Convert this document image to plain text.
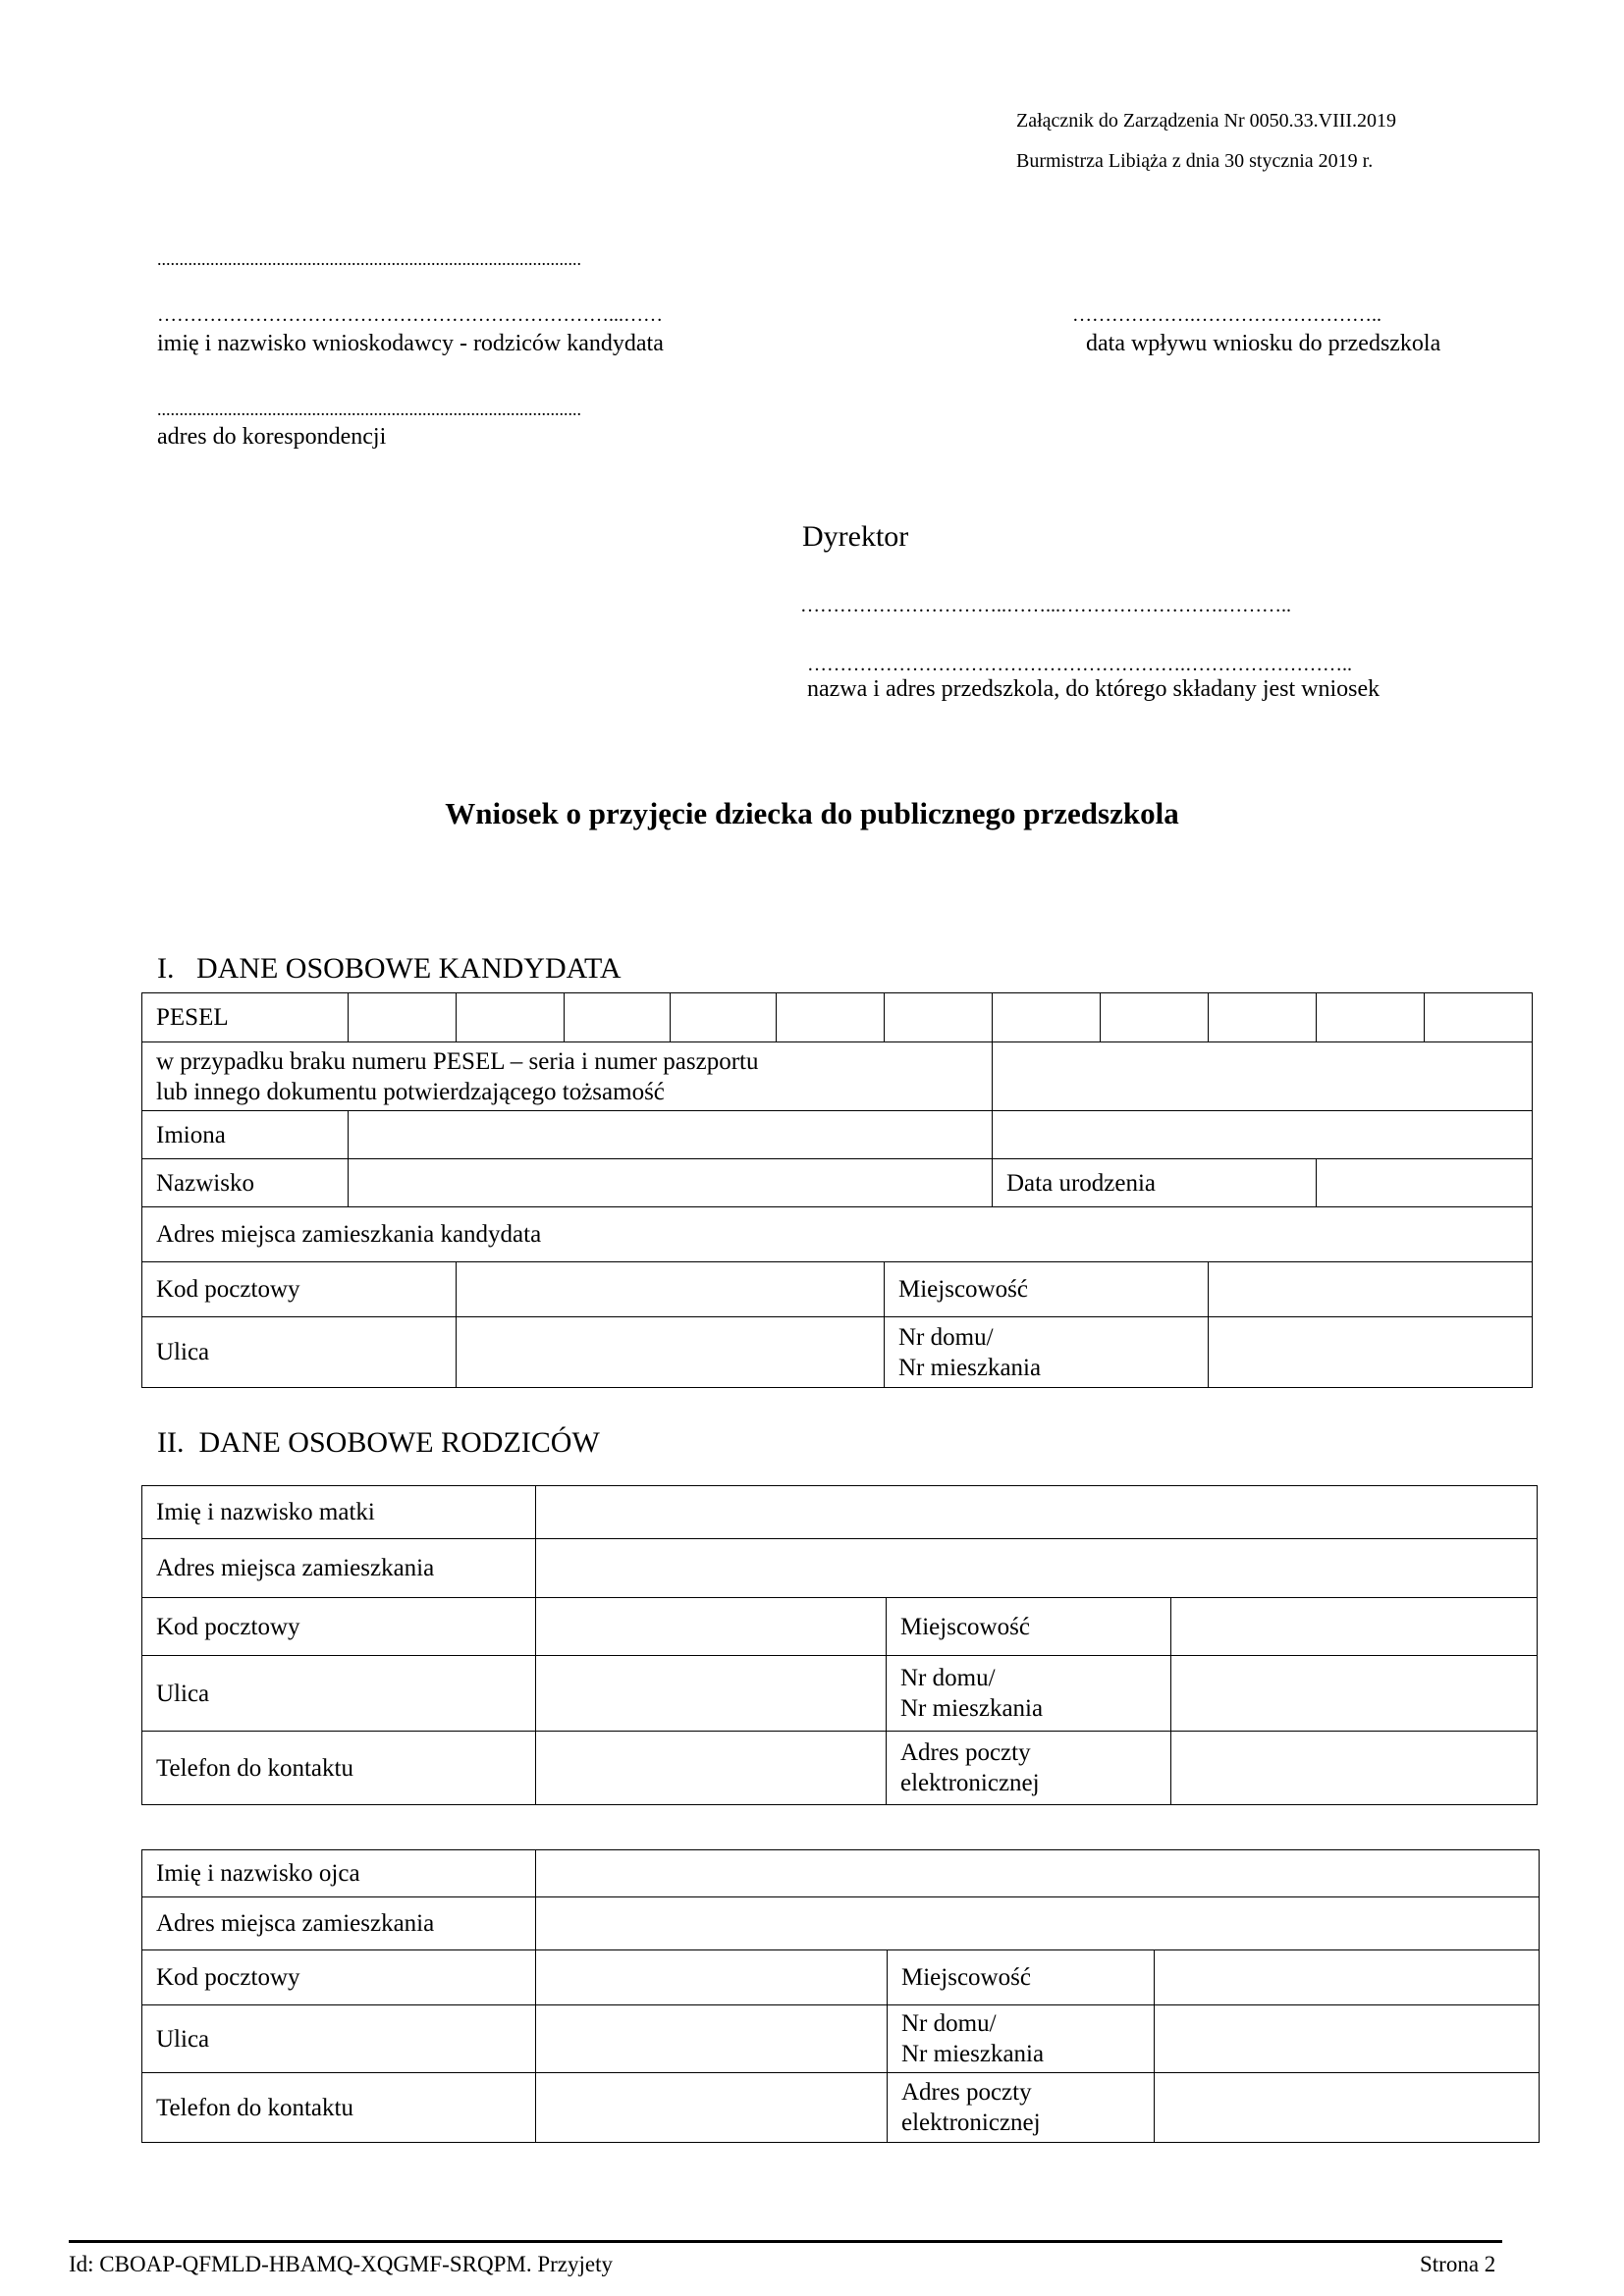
Załącznik do Zarządzenia Nr 0050.33.VIII.2019
Burmistrza Libiąża z dnia 30 stycznia 2019 r.
................................................................................................
……………………………………………………………...……
imię i nazwisko wnioskodawcy - rodziców kandydata
................................................................................................
adres do korespondencji
……………….………………………..
data wpływu wniosku do przedszkola
Dyrektor
…………………………..……...…………………….………..
………………………………………………….……………………..
nazwa i adres przedszkola, do którego składany jest wniosek
Wniosek o przyjęcie dziecka do publicznego przedszkola
I.   DANE OSOBOWE KANDYDATA
PESEL											

w przypadku braku numeru PESEL – seria i numer paszportu
lub innego dokumentu potwierdzającego tożsamość											

Imiona											
Nazwisko							Data urodzenia				
Adres miejsca zamieszkania kandydata											
Kod pocztowy						Miejscowość					
Ulica						Nr domu/
Nr mieszkania					

II.  DANE OSOBOWE RODZICÓW
Imię i nazwisko matki			
Adres miejsca zamieszkania			
Kod pocztowy		Miejscowość	
Ulica		Nr domu/
Nr mieszkania	

Telefon do kontaktu		Adres poczty
elektronicznej	

Imię i nazwisko ojca			
Adres miejsca zamieszkania			
Kod pocztowy		Miejscowość	
Ulica		Nr domu/
Nr mieszkania	

Telefon do kontaktu		Adres poczty
elektronicznej	

Id: CBOAP-QFMLD-HBAMQ-XQGMF-SRQPM. Przyjety	Strona 2
